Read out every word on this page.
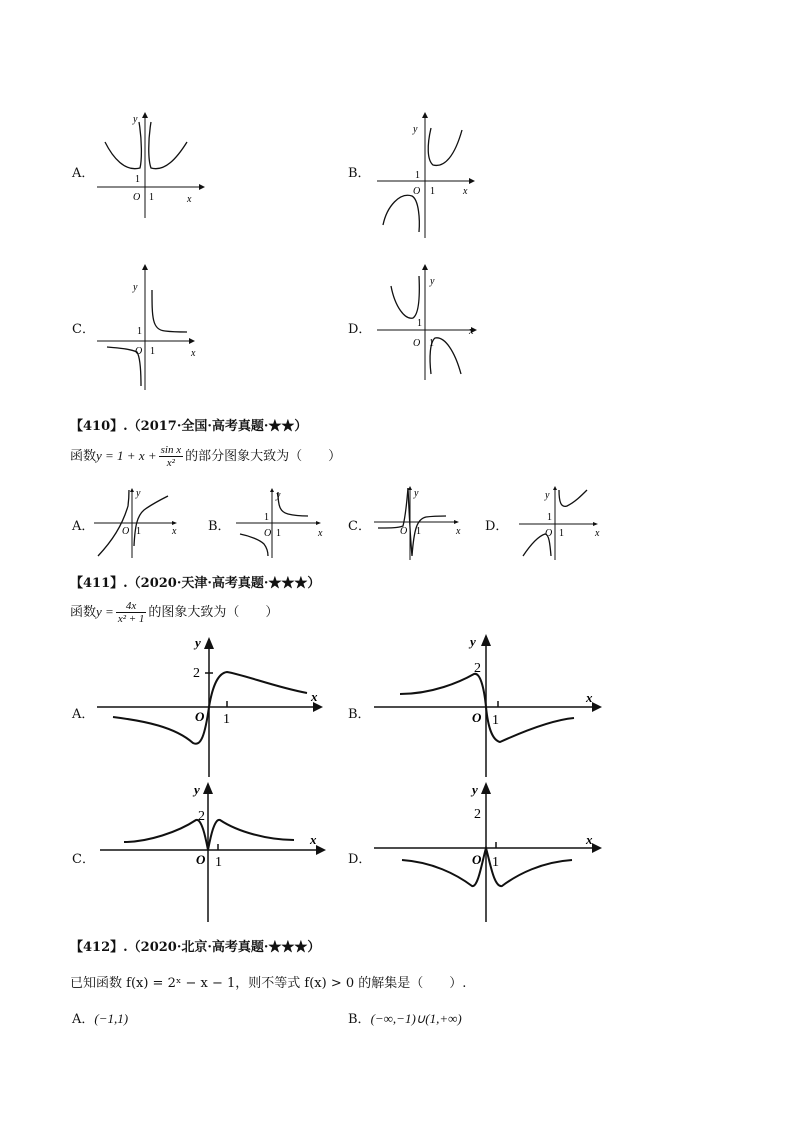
A．
y
x
O 1
1	B．
y
x
O 1
1
C．
y
x
O 1
1	D．
y
x
O 1
1
【410】.（2017·全国·高考真题·★★）
函数$y = 1 + x + \frac{\text{sin x}}{\text{x²}}$ 的部分图象大致为（　　）
A．
y
x
O 1	B．
y
x
O 1
1
C．
y
x
O 1	D．
y
x
O 1
1
【411】.（2020·天津·高考真题·★★★）
函数$y = \frac{4x}{\text{x² + 1}}$ 的图象大致为（　　）
A．
y
x
O 1
2
B．
y
x
O 1
2
C．
y
x
O 1
2
D．
y
x
O 1
2
【412】.（2020·北京·高考真题·★★★）
已知函数 f(x) = 2ˣ − x − 1，则不等式 f(x) > 0 的解集是（　　）.
A．(−1,1)	B．(−∞,−1)∪(1,+∞)
